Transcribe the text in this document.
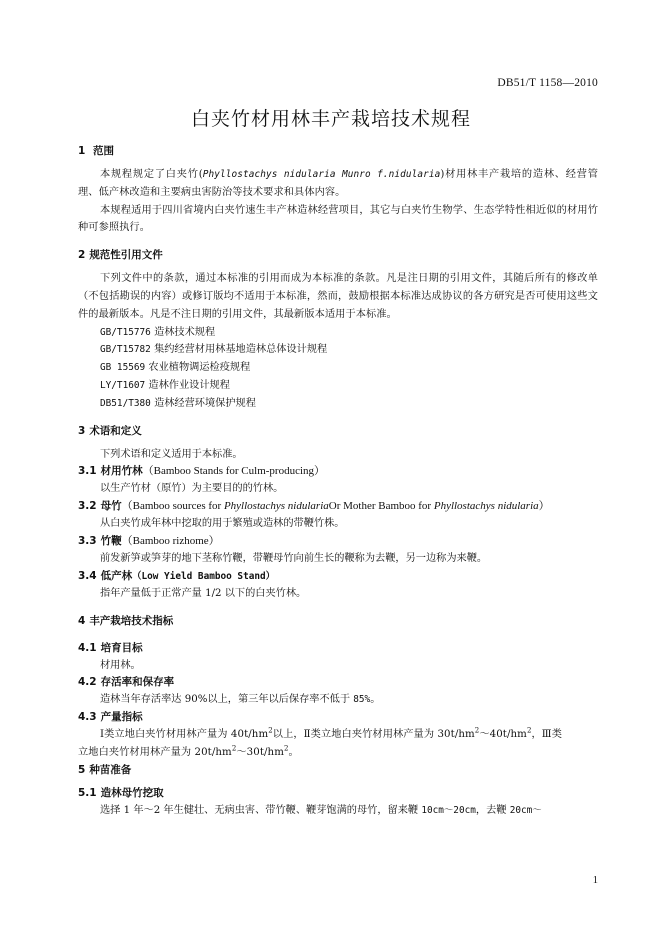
DB51/T 1158—2010
白夹竹材用林丰产栽培技术规程
1 范围

本规程规定了白夹竹(Phyllostachys nidularia Munro f.nidularia)材用林丰产栽培的造林、经营管理、低产林改造和主要病虫害防治等技术要求和具体内容。

本规程适用于四川省境内白夹竹速生丰产林造林经营项目，其它与白夹竹生物学、生态学特性相近似的材用竹种可参照执行。

2 规范性引用文件

下列文件中的条款，通过本标准的引用而成为本标准的条款。凡是注日期的引用文件，其随后所有的修改单（不包括勘误的内容）或修订版均不适用于本标准，然而，鼓励根据本标准达成协议的各方研究是否可使用这些文件的最新版本。凡是不注日期的引用文件，其最新版本适用于本标准。

GB/T15776 造林技术规程
GB/T15782 集约经营材用林基地造林总体设计规程
GB 15569 农业植物调运检疫规程
LY/T1607 造林作业设计规程
DB51/T380 造林经营环境保护规程
3 术语和定义
下列术语和定义适用于本标准。
3.1 材用竹林（Bamboo Stands for Culm-producing）
以生产竹材（原竹）为主要目的的竹林。
3.2 母竹（Bamboo sources for Phyllostachys nidulariaOr Mother Bamboo for Phyllostachys nidularia）
从白夹竹成年林中挖取的用于繁殖或造林的带鞭竹株。
3.3 竹鞭（Bamboo rizhome）
前发新笋或笋芽的地下茎称竹鞭，带鞭母竹向前生长的鞭称为去鞭，另一边称为来鞭。
3.4 低产林（Low Yield Bamboo Stand）
指年产量低于正常产量 1/2 以下的白夹竹林。
4 丰产栽培技术指标
4.1 培育目标
材用林。
4.2 存活率和保存率
造林当年存活率达 90%以上，第三年以后保存率不低于 85%。
4.3 产量指标

Ⅰ类立地白夹竹材用林产量为 $40t/hm^2$以上，Ⅱ类立地白夹竹材用林产量为 $30t/hm^2\sim 40t/hm^2$，Ⅲ类

立地白夹竹材用林产量为 $20t/hm^2\sim 30t/hm^2$。

5 种苗准备
5.1 造林母竹挖取
选择 1 年～2 年生健壮、无病虫害、带竹鞭、鞭芽饱满的母竹，留来鞭 10cm～20cm，去鞭 20cm～
1
